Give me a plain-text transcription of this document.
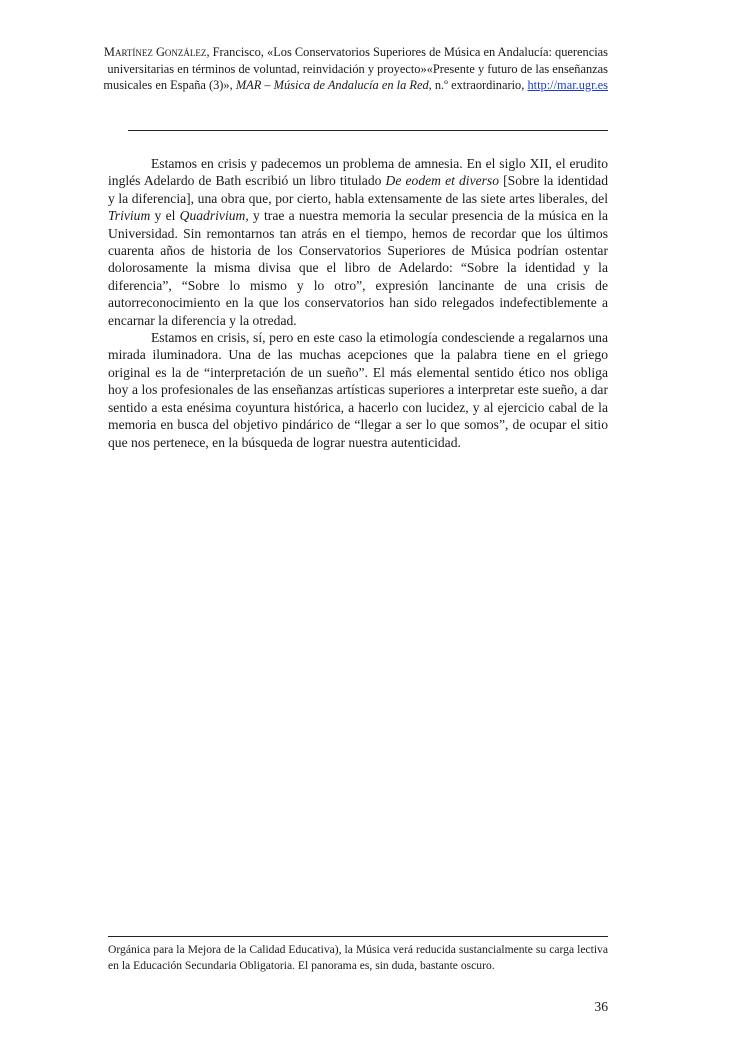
Martínez González, Francisco, «Los Conservatorios Superiores de Música en Andalucía: querencias universitarias en términos de voluntad, reinvidación y proyecto»«Presente y futuro de las enseñanzas musicales en España (3)», MAR – Música de Andalucía en la Red, n.º extraordinario, http://mar.ugr.es

Estamos en crisis y padecemos un problema de amnesia. En el siglo XII, el erudito inglés Adelardo de Bath escribió un libro titulado De eodem et diverso [Sobre la identidad y la diferencia], una obra que, por cierto, habla extensamente de las siete artes liberales, del Trivium y el Quadrivium, y trae a nuestra memoria la secular presencia de la música en la Universidad. Sin remontarnos tan atrás en el tiempo, hemos de recordar que los últimos cuarenta años de historia de los Conservatorios Superiores de Música podrían ostentar dolorosamente la misma divisa que el libro de Adelardo: “Sobre la identidad y la diferencia”, “Sobre lo mismo y lo otro”, expresión lancinante de una crisis de autorreconocimiento en la que los conservatorios han sido relegados indefectiblemente a encarnar la diferencia y la otredad.

Estamos en crisis, sí, pero en este caso la etimología condesciende a regalarnos una mirada iluminadora. Una de las muchas acepciones que la palabra tiene en el griego original es la de “interpretación de un sueño”. El más elemental sentido ético nos obliga hoy a los profesionales de las enseñanzas artísticas superiores a interpretar este sueño, a dar sentido a esta enésima coyuntura histórica, a hacerlo con lucidez, y al ejercicio cabal de la memoria en busca del objetivo pindárico de “llegar a ser lo que somos”, de ocupar el sitio que nos pertenece, en la búsqueda de lograr nuestra autenticidad.

Orgánica para la Mejora de la Calidad Educativa), la Música verá reducida sustancialmente su carga lectiva en la Educación Secundaria Obligatoria. El panorama es, sin duda, bastante oscuro.
36
